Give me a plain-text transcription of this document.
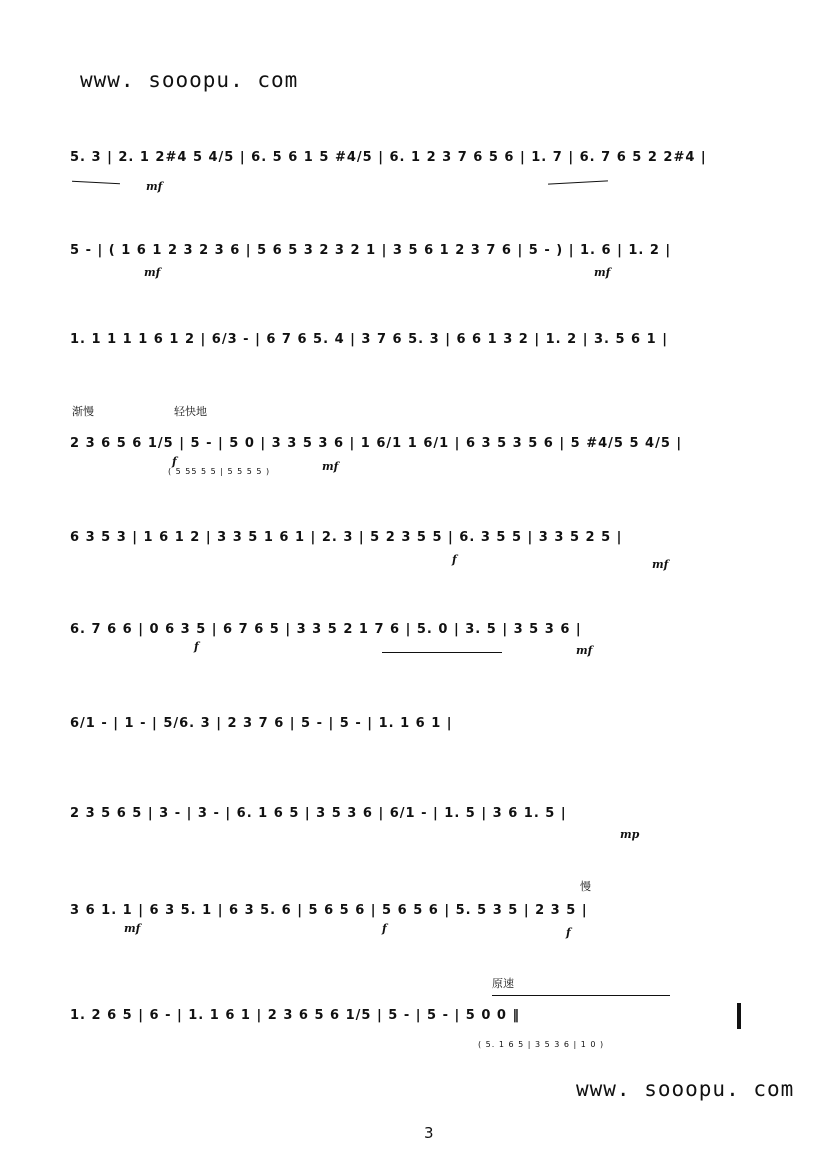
www. sooopu. com
5. 3 | 2. 1 2#4 5 4/5 | 6. 5 6 1 5 #4/5 | 6. 1 2 3 7 6 5 6 | 1. 7 | 6. 7 6 5 2 2#4 |
mf
5 - | ( 1 6 1 2 3 2 3 6 | 5 6 5 3 2 3 2 1 | 3 5 6 1 2 3 7 6 | 5 - ) | 1. 6 | 1. 2 |
mf	mf
1. 1 1 1 1 6 1 2 | 6/3 - | 6 7 6 5. 4 | 3 7 6 5. 3 | 6 6 1 3 2 | 1. 2 | 3. 5 6 1 |
渐慢	轻快地
2 3 6 5 6 1/5 | 5 - | 5 0 | 3 3 5 3 6 | 1 6/1 1 6/1 | 6 3 5 3 5 6 | 5 #4/5 5 4/5 |
( 5 55 5 5 | 5 5 5 5 )
f	mf
6 3 5 3 | 1 6 1 2 | 3 3 5 1 6 1 | 2. 3 | 5 2 3 5 5 | 6. 3 5 5 | 3 3 5 2 5 |
f	mf
6. 7 6 6 | 0 6 3 5 | 6 7 6 5 | 3 3 5 2 1 7 6 | 5. 0 | 3. 5 | 3 5 3 6 |
f	mf
6/1 - | 1 - | 5/6. 3 | 2 3 7 6 | 5 - | 5 - | 1. 1 6 1 |
2 3 5 6 5 | 3 - | 3 - | 6. 1 6 5 | 3 5 3 6 | 6/1 - | 1. 5 | 3 6 1. 5 |
mp
慢
3 6 1. 1 | 6 3 5. 1 | 6 3 5. 6 | 5 6 5 6 | 5 6 5 6 | 5. 5 3 5 | 2 3 5 |
mf	f	f
原速
1. 2 6 5 | 6 - | 1. 1 6 1 | 2 3 6 5 6 1/5 | 5 - | 5 - | 5 0 0 ‖
( 5. 1 6 5 | 3 5 3 6 | 1 0 )
www. sooopu. com
3
